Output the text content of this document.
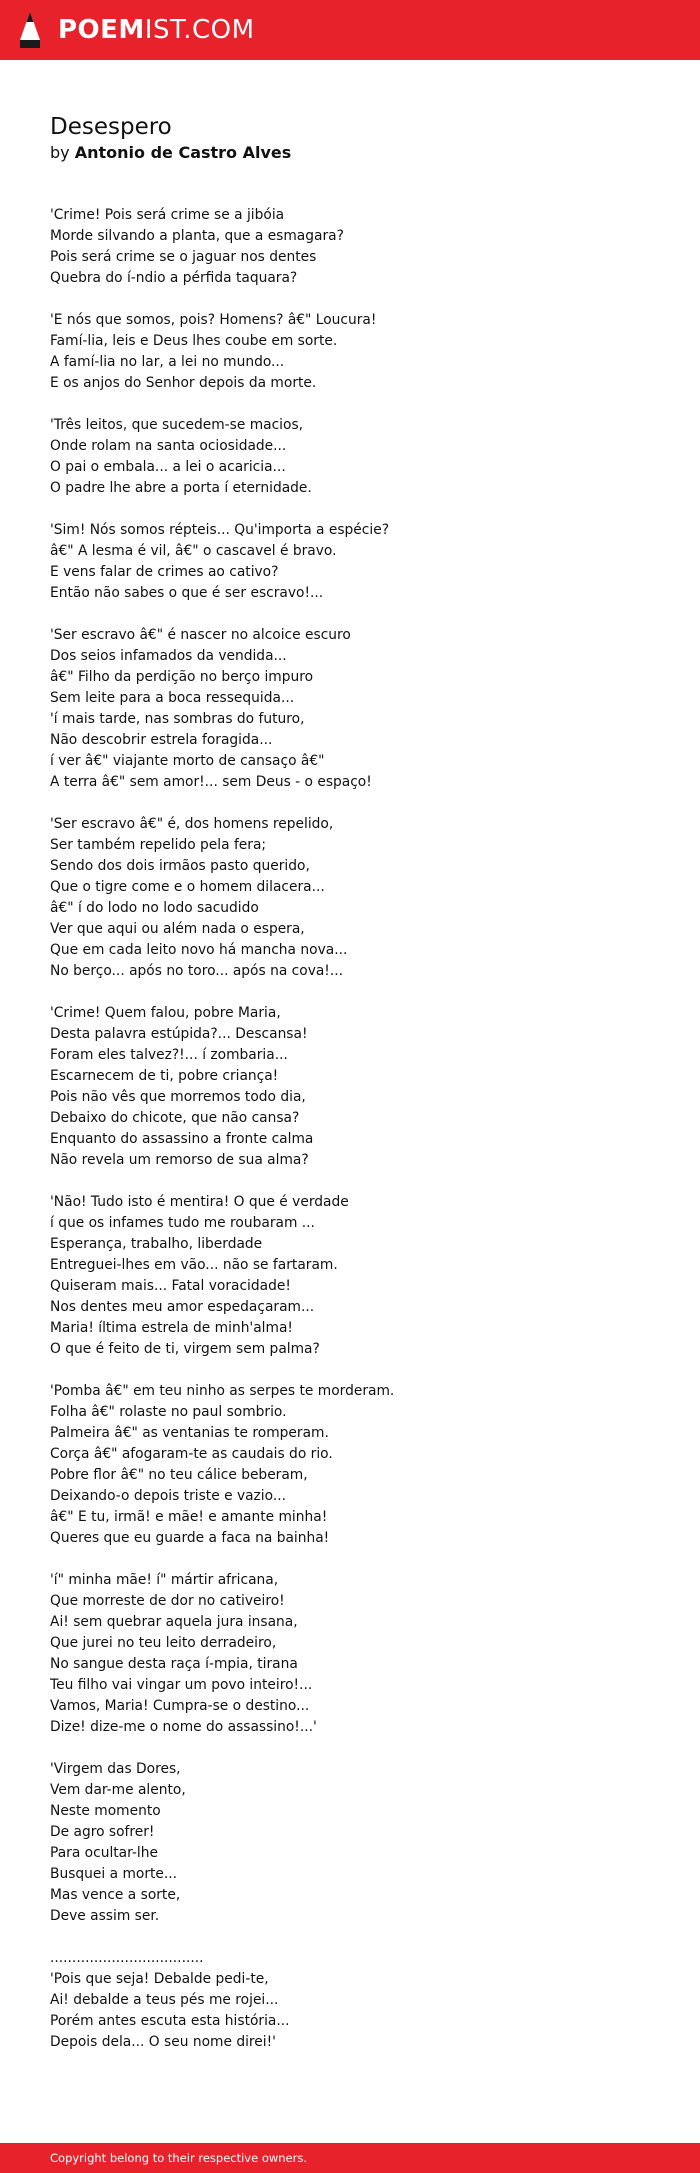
POEMIST.COM
Desespero
by Antonio de Castro Alves
'Crime! Pois será crime se a jibóia
Morde silvando a planta, que a esmagara?
Pois será crime se o jaguar nos dentes
Quebra do í-ndio a pérfida taquara?
'E nós que somos, pois? Homens? â€" Loucura!
Famí-lia, leis e Deus lhes coube em sorte.
A famí-lia no lar, a lei no mundo...
E os anjos do Senhor depois da morte.
'Três leitos, que sucedem-se macios,
Onde rolam na santa ociosidade...
O pai o embala... a lei o acaricia...
O padre lhe abre a porta í eternidade.
'Sim! Nós somos répteis... Qu'importa a espécie?
â€" A lesma é vil, â€" o cascavel é bravo.
E vens falar de crimes ao cativo?
Então não sabes o que é ser escravo!...
'Ser escravo â€" é nascer no alcoice escuro
Dos seios infamados da vendida...
â€" Filho da perdição no berço impuro
Sem leite para a boca ressequida...
'í mais tarde, nas sombras do futuro,
Não descobrir estrela foragida...
í ver â€" viajante morto de cansaço â€"
A terra â€" sem amor!... sem Deus - o espaço!
'Ser escravo â€" é, dos homens repelido,
Ser também repelido pela fera;
Sendo dos dois irmãos pasto querido,
Que o tigre come e o homem dilacera...
â€" í do lodo no lodo sacudido
Ver que aqui ou além nada o espera,
Que em cada leito novo há mancha nova...
No berço... após no toro... após na cova!...
'Crime! Quem falou, pobre Maria,
Desta palavra estúpida?... Descansa!
Foram eles talvez?!... í zombaria...
Escarnecem de ti, pobre criança!
Pois não vês que morremos todo dia,
Debaixo do chicote, que não cansa?
Enquanto do assassino a fronte calma
Não revela um remorso de sua alma?
'Não! Tudo isto é mentira! O que é verdade
í que os infames tudo me roubaram ...
Esperança, trabalho, liberdade
Entreguei-lhes em vão... não se fartaram.
Quiseram mais... Fatal voracidade!
Nos dentes meu amor espedaçaram...
Maria! íltima estrela de minh'alma!
O que é feito de ti, virgem sem palma?
'Pomba â€" em teu ninho as serpes te morderam.
Folha â€" rolaste no paul sombrio.
Palmeira â€" as ventanias te romperam.
Corça â€" afogaram-te as caudais do rio.
Pobre flor â€" no teu cálice beberam,
Deixando-o depois triste e vazio...
â€" E tu, irmã! e mãe! e amante minha!
Queres que eu guarde a faca na bainha!
'í" minha mãe! í" mártir africana,
Que morreste de dor no cativeiro!
Ai! sem quebrar aquela jura insana,
Que jurei no teu leito derradeiro,
No sangue desta raça í-mpia, tirana
Teu filho vai vingar um povo inteiro!...
Vamos, Maria! Cumpra-se o destino...
Dize! dize-me o nome do assassino!...'
'Virgem das Dores,
Vem dar-me alento,
Neste momento
De agro sofrer!
Para ocultar-lhe
Busquei a morte...
Mas vence a sorte,
Deve assim ser.
...................................
'Pois que seja! Debalde pedi-te,
Ai! debalde a teus pés me rojei...
Porém antes escuta esta história...
Depois dela... O seu nome direi!'
Copyright belong to their respective owners.
